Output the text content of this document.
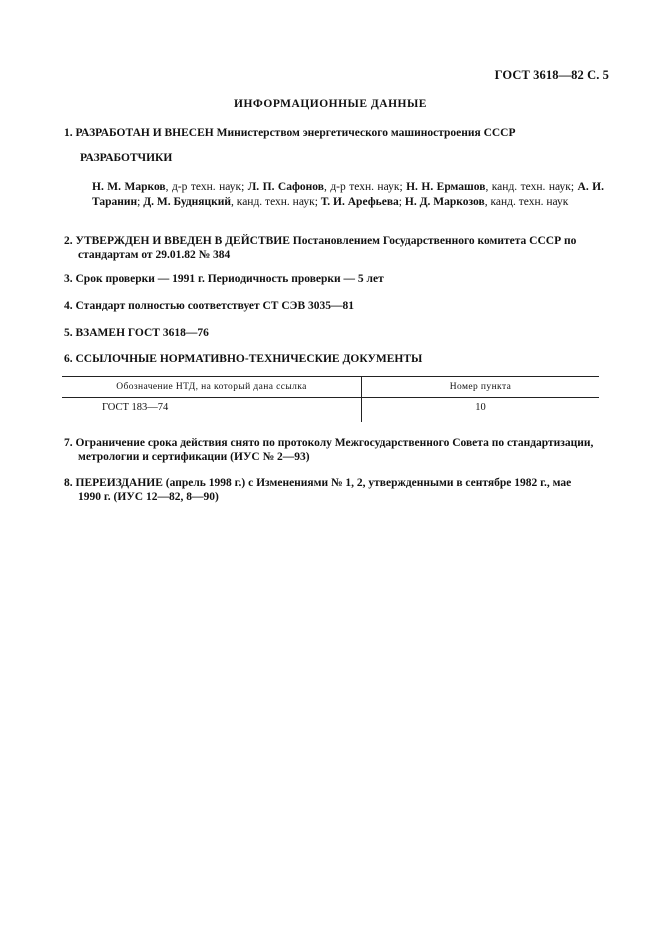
ГОСТ 3618—82 С. 5
ИНФОРМАЦИОННЫЕ ДАННЫЕ
1. РАЗРАБОТАН И ВНЕСЕН Министерством энергетического машиностроения СССР
РАЗРАБОТЧИКИ
Н. М. Марков, д-р техн. наук; Л. П. Сафонов, д-р техн. наук; Н. Н. Ермашов, канд. техн. наук; А. И. Таранин; Д. М. Будняцкий, канд. техн. наук; Т. И. Арефьева; Н. Д. Маркозов, канд. техн. наук
2. УТВЕРЖДЕН И ВВЕДЕН В ДЕЙСТВИЕ Постановлением Государственного комитета СССР по
стандартам от 29.01.82 № 384
3. Срок проверки — 1991 г. Периодичность проверки — 5 лет
4. Стандарт полностью соответствует СТ СЭВ 3035—81
5. ВЗАМЕН ГОСТ 3618—76
6. ССЫЛОЧНЫЕ НОРМАТИВНО-ТЕХНИЧЕСКИЕ ДОКУМЕНТЫ
Обозначение НТД, на который дана ссылка	Номер пункта
ГОСТ 183—74	10
7. Ограничение срока действия снято по протоколу Межгосударственного Совета по стандартизации,
метрологии и сертификации (ИУС № 2—93)
8. ПЕРЕИЗДАНИЕ (апрель 1998 г.) с Изменениями № 1, 2, утвержденными в сентябре 1982 г., мае
1990 г. (ИУС 12—82, 8—90)
